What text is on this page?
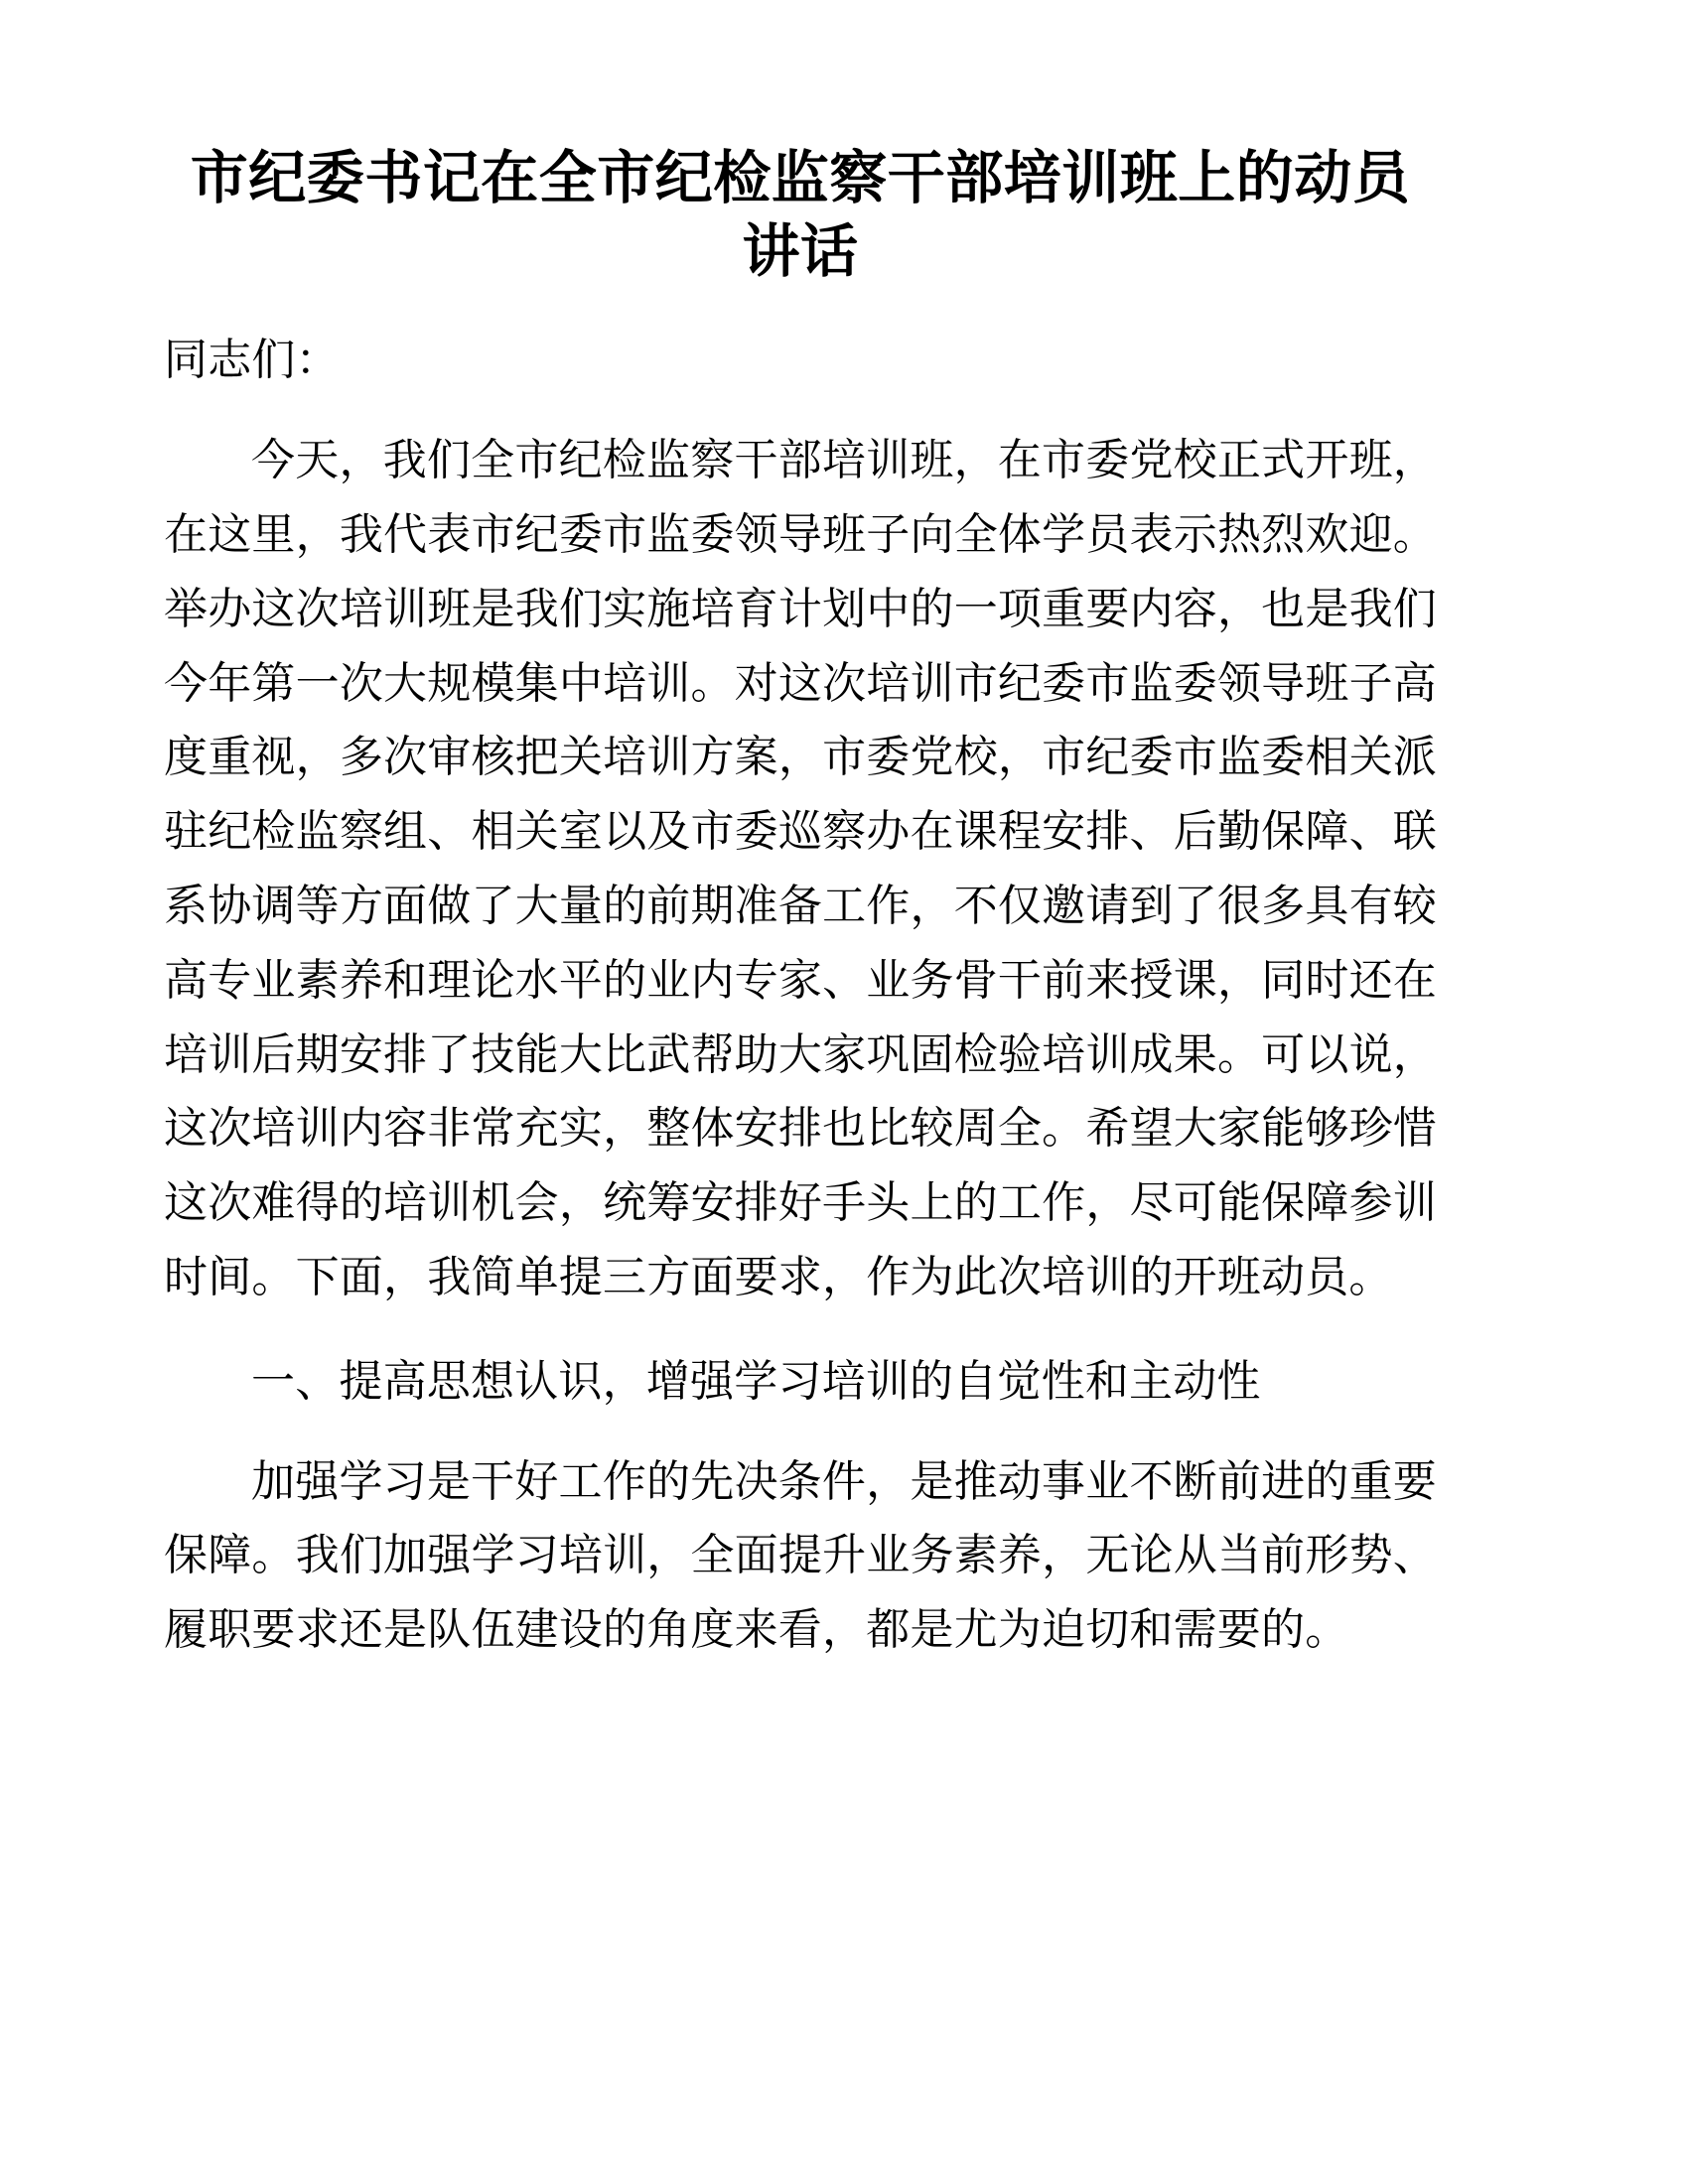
市纪委书记在全市纪检监察干部培训班上的动员讲话

同志们：

今天，我们全市纪检监察干部培训班，在市委党校正式开班，在这里，我代表市纪委市监委领导班子向全体学员表示热烈欢迎。举办这次培训班是我们实施培育计划中的一项重要内容，也是我们今年第一次大规模集中培训。对这次培训市纪委市监委领导班子高度重视，多次审核把关培训方案，市委党校，市纪委市监委相关派驻纪检监察组、相关室以及市委巡察办在课程安排、后勤保障、联系协调等方面做了大量的前期准备工作，不仅邀请到了很多具有较高专业素养和理论水平的业内专家、业务骨干前来授课，同时还在培训后期安排了技能大比武帮助大家巩固检验培训成果。可以说，这次培训内容非常充实，整体安排也比较周全。希望大家能够珍惜这次难得的培训机会，统筹安排好手头上的工作，尽可能保障参训时间。下面，我简单提三方面要求，作为此次培训的开班动员。

一、提高思想认识，增强学习培训的自觉性和主动性

加强学习是干好工作的先决条件，是推动事业不断前进的重要保障。我们加强学习培训，全面提升业务素养，无论从当前形势、履职要求还是队伍建设的角度来看，都是尤为迫切和需要的。
